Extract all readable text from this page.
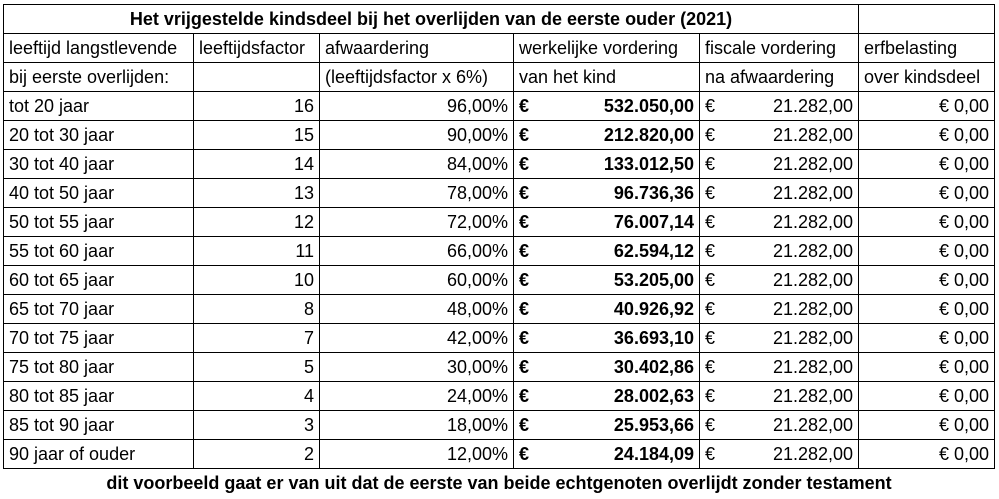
Het vrijgestelde kindsdeel bij het overlijden van de eerste ouder (2021)					
leeftijd langstlevende	leeftijdsfactor	afwaardering	werkelijke vordering	fiscale vordering	erfbelasting
bij eerste overlijden:		(leeftijdsfactor x 6%)	van het kind	na afwaardering	over kindsdeel
tot 20 jaar	16	96,00%	€ 532.050,00	€ 21.282,00	€ 0,00
20 tot 30 jaar	15	90,00%	€ 212.820,00	€ 21.282,00	€ 0,00
30 tot 40 jaar	14	84,00%	€ 133.012,50	€ 21.282,00	€ 0,00
40 tot 50 jaar	13	78,00%	€ 96.736,36	€ 21.282,00	€ 0,00
50 tot 55 jaar	12	72,00%	€ 76.007,14	€ 21.282,00	€ 0,00
55 tot 60 jaar	11	66,00%	€ 62.594,12	€ 21.282,00	€ 0,00
60 tot 65 jaar	10	60,00%	€ 53.205,00	€ 21.282,00	€ 0,00
65 tot 70 jaar	8	48,00%	€ 40.926,92	€ 21.282,00	€ 0,00
70 tot 75 jaar	7	42,00%	€ 36.693,10	€ 21.282,00	€ 0,00
75 tot 80 jaar	5	30,00%	€ 30.402,86	€ 21.282,00	€ 0,00
80 tot 85 jaar	4	24,00%	€ 28.002,63	€ 21.282,00	€ 0,00
85 tot 90 jaar	3	18,00%	€ 25.953,66	€ 21.282,00	€ 0,00
90 jaar of ouder	2	12,00%	€ 24.184,09	€ 21.282,00	€ 0,00
dit voorbeeld gaat er van uit dat de eerste van beide echtgenoten overlijdt zonder testament					
